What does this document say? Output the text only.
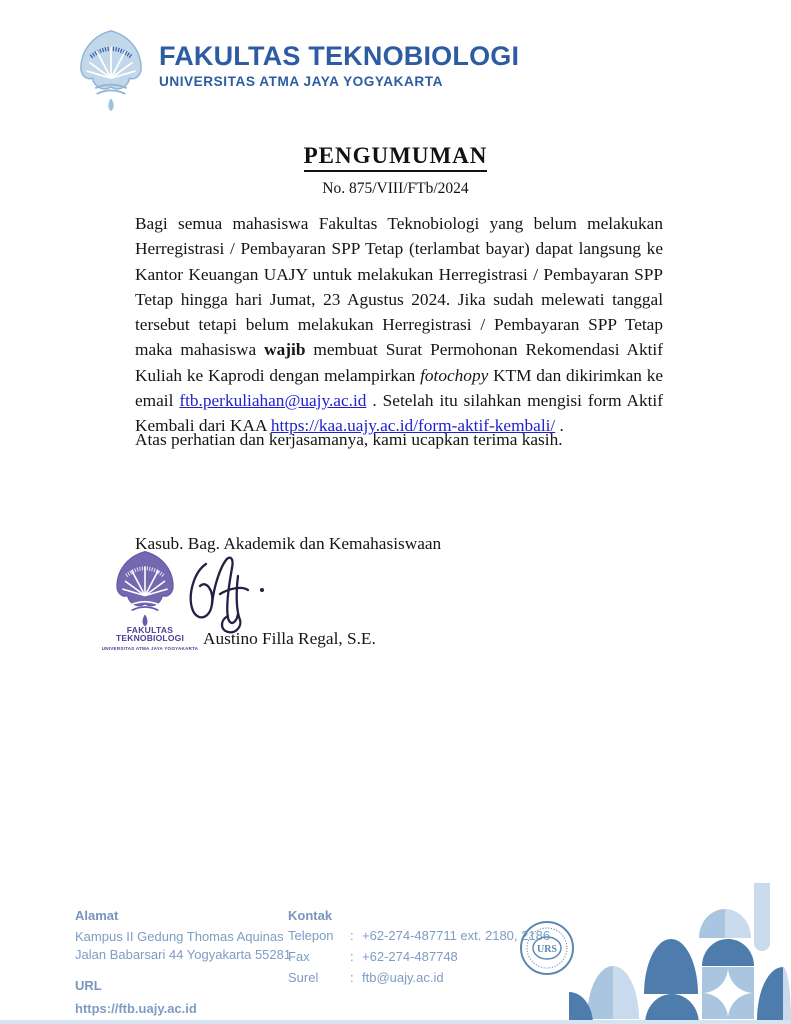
FAKULTAS TEKNOBIOLOGI
UNIVERSITAS ATMA JAYA YOGYAKARTA
PENGUMUMAN
No. 875/VIII/FTb/2024
Bagi semua mahasiswa Fakultas Teknobiologi yang belum melakukan Herregistrasi / Pembayaran SPP Tetap (terlambat bayar) dapat langsung ke Kantor Keuangan UAJY untuk melakukan Herregistrasi / Pembayaran SPP Tetap hingga hari Jumat, 23 Agustus 2024. Jika sudah melewati tanggal tersebut tetapi belum melakukan Herregistrasi / Pembayaran SPP Tetap maka mahasiswa wajib membuat Surat Permohonan Rekomendasi Aktif Kuliah ke Kaprodi dengan melampirkan fotochopy KTM dan dikirimkan ke email ftb.perkuliahan@uajy.ac.id . Setelah itu silahkan mengisi form Aktif Kembali dari KAA https://kaa.uajy.ac.id/form-aktif-kembali/ .
Atas perhatian dan kerjasamanya, kami ucapkan terima kasih.
Kasub. Bag. Akademik dan Kemahasiswaan
FAKULTAS
TEKNOBIOLOGI
UNIVERSITAS ATMA JAYA YOGYAKARTA
Austino Filla Regal, S.E.
Alamat
Kampus II Gedung Thomas Aquinas
Jalan Babarsari 44 Yogyakarta 55281
URL
https://ftb.uajy.ac.id
Kontak
Telepon	: +62-274-487711 ext. 2180, 2186
Fax	: +62-274-487748
Surel	: ftb@uajy.ac.id
URS
